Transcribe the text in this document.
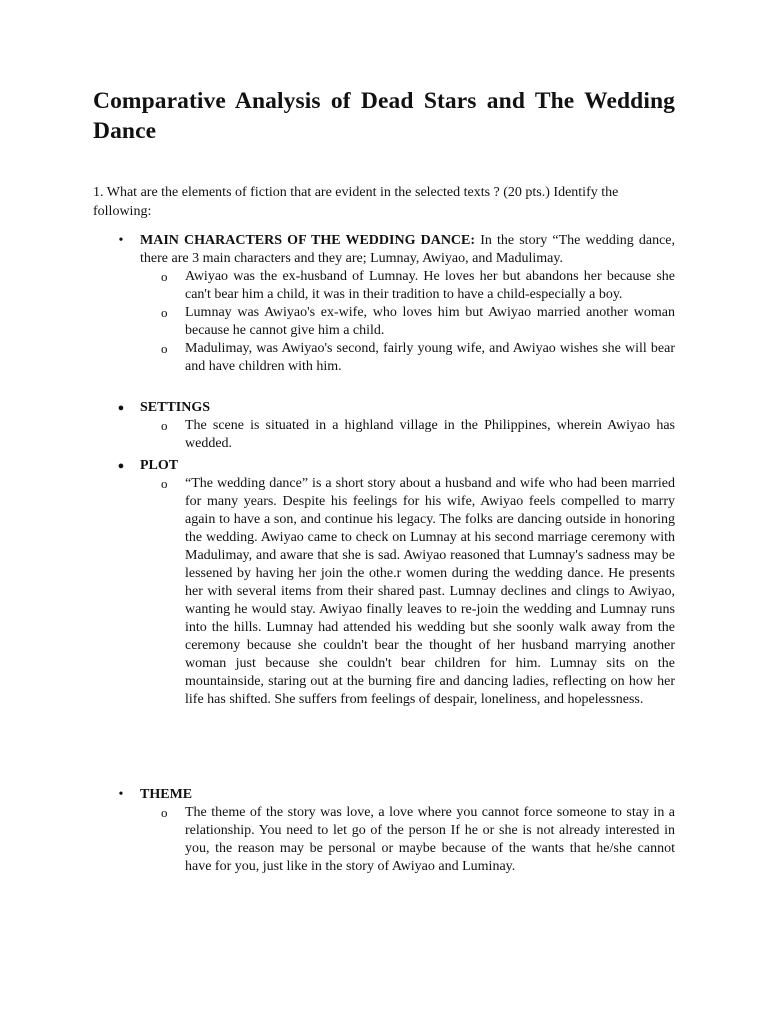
Comparative Analysis of Dead Stars and The Wedding Dance

1. What are the elements of fiction that are evident in the selected texts ? (20 pts.) Identify the following:

• MAIN CHARACTERS OF THE WEDDING DANCE: In the story “The wedding dance, there are 3 main characters and they are; Lumnay, Awiyao, and Madulimay.
o Awiyao was the ex-husband of Lumnay. He loves her but abandons her because she can't bear him a child, it was in their tradition to have a child-especially a boy.
o Lumnay was Awiyao's ex-wife, who loves him but Awiyao married another woman because he cannot give him a child.
o Madulimay, was Awiyao's second, fairly young wife, and Awiyao wishes she will bear and have children with him.
● SETTINGS
o The scene is situated in a highland village in the Philippines, wherein Awiyao has wedded.
● PLOT
o “The wedding dance” is a short story about a husband and wife who had been married for many years. Despite his feelings for his wife, Awiyao feels compelled to marry again to have a son, and continue his legacy. The folks are dancing outside in honoring the wedding. Awiyao came to check on Lumnay at his second marriage ceremony with Madulimay, and aware that she is sad. Awiyao reasoned that Lumnay's sadness may be lessened by having her join the othe.r women during the wedding dance. He presents her with several items from their shared past. Lumnay declines and clings to Awiyao, wanting he would stay. Awiyao finally leaves to re-join the wedding and Lumnay runs into the hills. Lumnay had attended his wedding but she soonly walk away from the ceremony because she couldn't bear the thought of her husband marrying another woman just because she couldn't bear children for him. Lumnay sits on the mountainside, staring out at the burning fire and dancing ladies, reflecting on how her life has shifted. She suffers from feelings of despair, loneliness, and hopelessness.
• THEME
o The theme of the story was love, a love where you cannot force someone to stay in a relationship. You need to let go of the person If he or she is not already interested in you, the reason may be personal or maybe because of the wants that he/she cannot have for you, just like in the story of Awiyao and Luminay.
